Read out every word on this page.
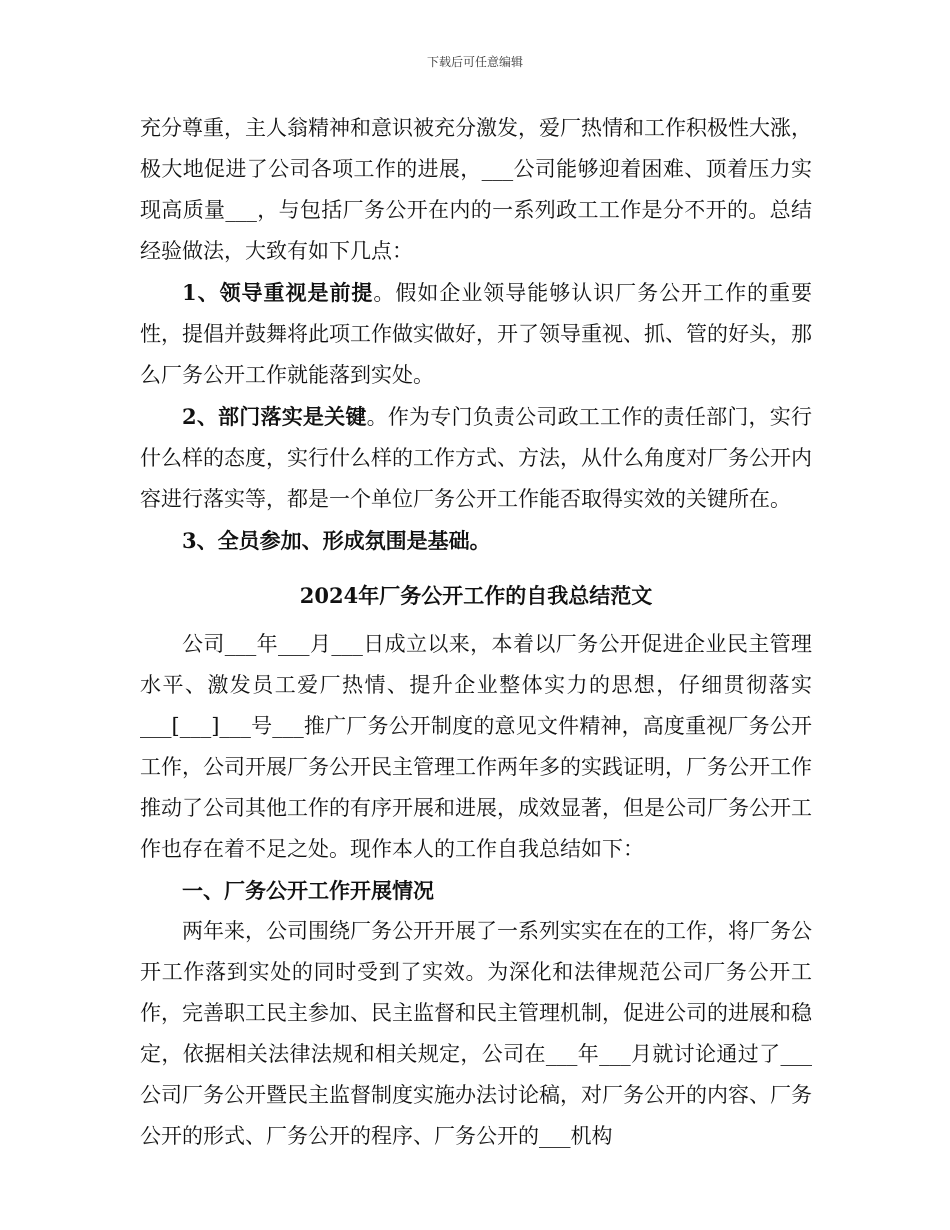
下载后可任意编辑

充分尊重，主人翁精神和意识被充分激发，爱厂热情和工作积极性大涨，极大地促进了公司各项工作的进展，___公司能够迎着困难、顶着压力实现高质量___，与包括厂务公开在内的一系列政工工作是分不开的。总结经验做法，大致有如下几点：

1、领导重视是前提。假如企业领导能够认识厂务公开工作的重要性，提倡并鼓舞将此项工作做实做好，开了领导重视、抓、管的好头，那么厂务公开工作就能落到实处。

2、部门落实是关键。作为专门负责公司政工工作的责任部门，实行什么样的态度，实行什么样的工作方式、方法，从什么角度对厂务公开内容进行落实等，都是一个单位厂务公开工作能否取得实效的关键所在。

3、全员参加、形成氛围是基础。

2024年厂务公开工作的自我总结范文

公司___年___月___日成立以来，本着以厂务公开促进企业民主管理水平、激发员工爱厂热情、提升企业整体实力的思想，仔细贯彻落实___[___]___号___推广厂务公开制度的意见文件精神，高度重视厂务公开工作，公司开展厂务公开民主管理工作两年多的实践证明，厂务公开工作推动了公司其他工作的有序开展和进展，成效显著，但是公司厂务公开工作也存在着不足之处。现作本人的工作自我总结如下：

一、厂务公开工作开展情况

两年来，公司围绕厂务公开开展了一系列实实在在的工作，将厂务公开工作落到实处的同时受到了实效。为深化和法律规范公司厂务公开工作，完善职工民主参加、民主监督和民主管理机制，促进公司的进展和稳定，依据相关法律法规和相关规定，公司在___年___月就讨论通过了___公司厂务公开暨民主监督制度实施办法讨论稿，对厂务公开的内容、厂务公开的形式、厂务公开的程序、厂务公开的___机构
